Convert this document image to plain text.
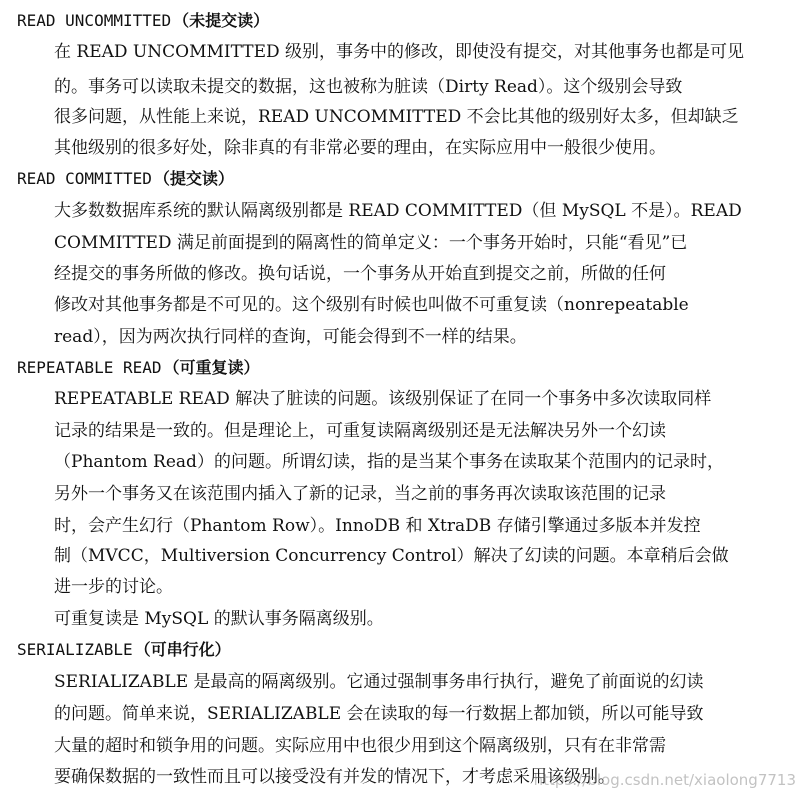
READ UNCOMMITTED （未提交读）
在 READ UNCOMMITTED 级别，事务中的修改，即使没有提交，对其他事务也都是可见
的。事务可以读取未提交的数据，这也被称为脏读（Dirty Read）。这个级别会导致
很多问题，从性能上来说，READ UNCOMMITTED 不会比其他的级别好太多，但却缺乏
其他级别的很多好处，除非真的有非常必要的理由，在实际应用中一般很少使用。
READ COMMITTED （提交读）
大多数数据库系统的默认隔离级别都是 READ COMMITTED（但 MySQL 不是）。READ
COMMITTED 满足前面提到的隔离性的简单定义：一个事务开始时，只能“看见”已
经提交的事务所做的修改。换句话说，一个事务从开始直到提交之前，所做的任何
修改对其他事务都是不可见的。这个级别有时候也叫做不可重复读（nonrepeatable
read），因为两次执行同样的查询，可能会得到不一样的结果。
REPEATABLE READ （可重复读）
REPEATABLE READ 解决了脏读的问题。该级别保证了在同一个事务中多次读取同样
记录的结果是一致的。但是理论上，可重复读隔离级别还是无法解决另外一个幻读
（Phantom Read）的问题。所谓幻读，指的是当某个事务在读取某个范围内的记录时，
另外一个事务又在该范围内插入了新的记录，当之前的事务再次读取该范围的记录
时，会产生幻行（Phantom Row）。InnoDB 和 XtraDB 存储引擎通过多版本并发控
制（MVCC，Multiversion Concurrency Control）解决了幻读的问题。本章稍后会做
进一步的讨论。
可重复读是 MySQL 的默认事务隔离级别。
SERIALIZABLE （可串行化）
SERIALIZABLE 是最高的隔离级别。它通过强制事务串行执行，避免了前面说的幻读
的问题。简单来说，SERIALIZABLE 会在读取的每一行数据上都加锁，所以可能导致
大量的超时和锁争用的问题。实际应用中也很少用到这个隔离级别，只有在非常需
要确保数据的一致性而且可以接受没有并发的情况下，才考虑采用该级别。
https://blog.csdn.net/xiaolong7713
